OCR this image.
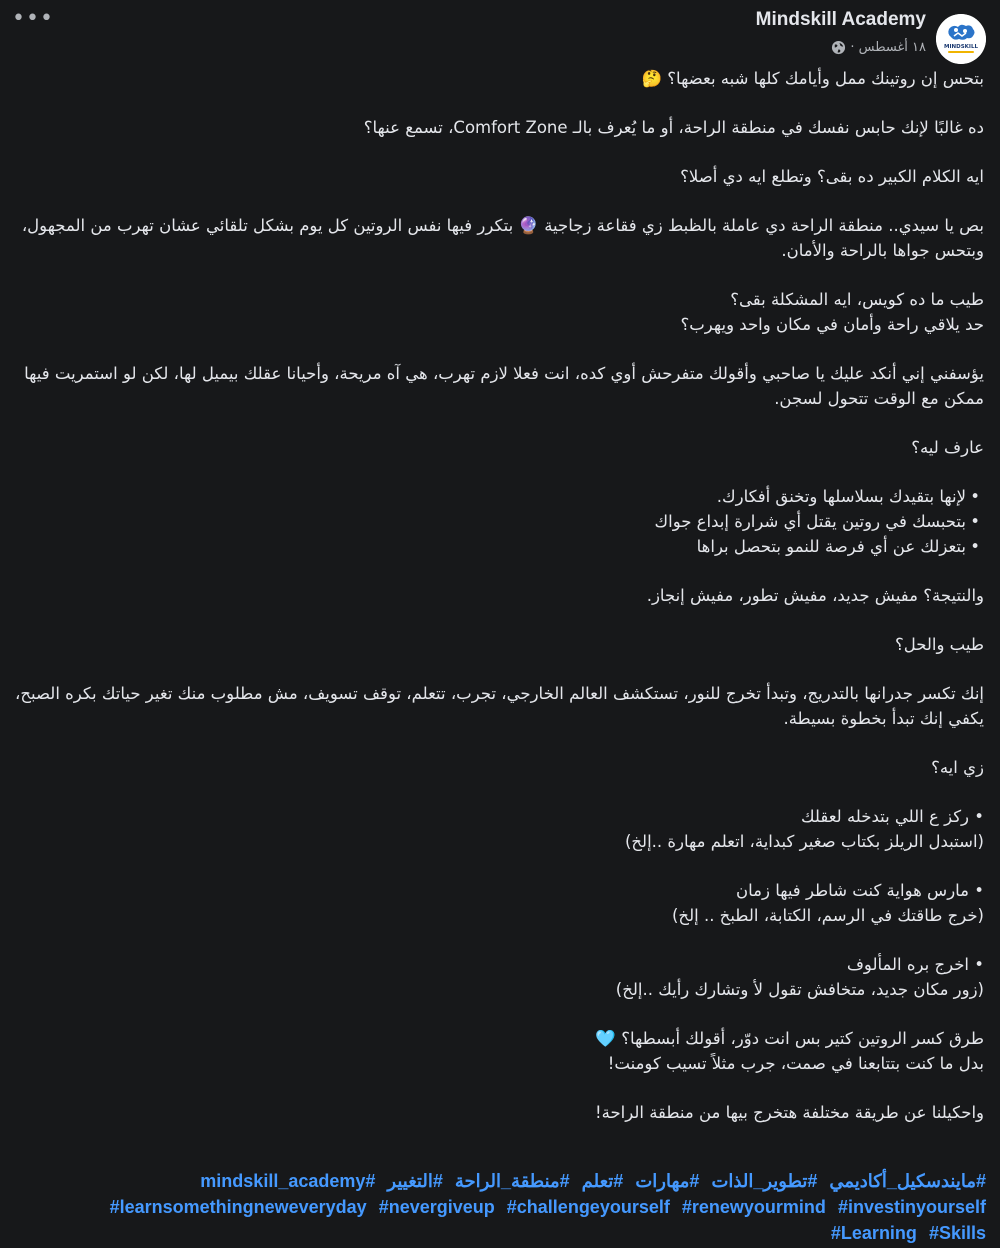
•••
MINDSKILL
Mindskill Academy
١٨ أغسطس ·

بتحس إن روتينك ممل وأيامك كلها شبه بعضها؟ 🤔

ده غالبًا لإنك حابس نفسك في منطقة الراحة، أو ما يُعرف بالـ Comfort Zone، تسمع عنها؟

ايه الكلام الكبير ده بقى؟ وتطلع ايه دي أصلا؟

بص يا سيدي.. منطقة الراحة دي عاملة بالظبط زي فقاعة زجاجية 🔮 بتكرر فيها نفس الروتين كل يوم بشكل تلقائي عشان تهرب من المجهول، وبتحس جواها بالراحة والأمان.

طيب ما ده كويس، ايه المشكلة بقى؟
حد يلاقي راحة وأمان في مكان واحد ويهرب؟

يؤسفني إني أنكد عليك يا صاحبي وأقولك متفرحش أوي كده، انت فعلا لازم تهرب، هي آه مريحة، وأحيانا عقلك بيميل لها، لكن لو استمريت فيها ممكن مع الوقت تتحول لسجن.

عارف ليه؟

• لإنها بتقيدك بسلاسلها وتخنق أفكارك.
• بتحبسك في روتين يقتل أي شرارة إبداع جواك
• بتعزلك عن أي فرصة للنمو بتحصل براها

والنتيجة؟ مفيش جديد، مفيش تطور، مفيش إنجاز.

طيب والحل؟

إنك تكسر جدرانها بالتدريج، وتبدأ تخرج للنور، تستكشف العالم الخارجي، تجرب، تتعلم، توقف تسويف، مش مطلوب منك تغير حياتك بكره الصبح، يكفي إنك تبدأ بخطوة بسيطة.

زي ايه؟

• ركز ع اللي بتدخله لعقلك
(استبدل الريلز بكتاب صغير كبداية، اتعلم مهارة ..إلخ)

• مارس هواية كنت شاطر فيها زمان
(خرج طاقتك في الرسم، الكتابة، الطبخ .. إلخ)

• اخرج بره المألوف
(زور مكان جديد، متخافش تقول لأ وتشارك رأيك ..إلخ)

طرق كسر الروتين كتير بس انت دوّر، أقولك أبسطها؟ 🩵
بدل ما كنت بتتابعنا في صمت، جرب مثلاً تسيب كومنت!

واحكيلنا عن طريقة مختلفة هتخرج بيها من منطقة الراحة!

#مايندسكيل_أكاديمي #تطوير_الذات #مهارات #تعلم #منطقة_الراحة #التغيير mindskill_academy# #learnsomethingneweveryday #nevergiveup #challengeyourself #renewyourmind #investinyourself #Learning #Skills
